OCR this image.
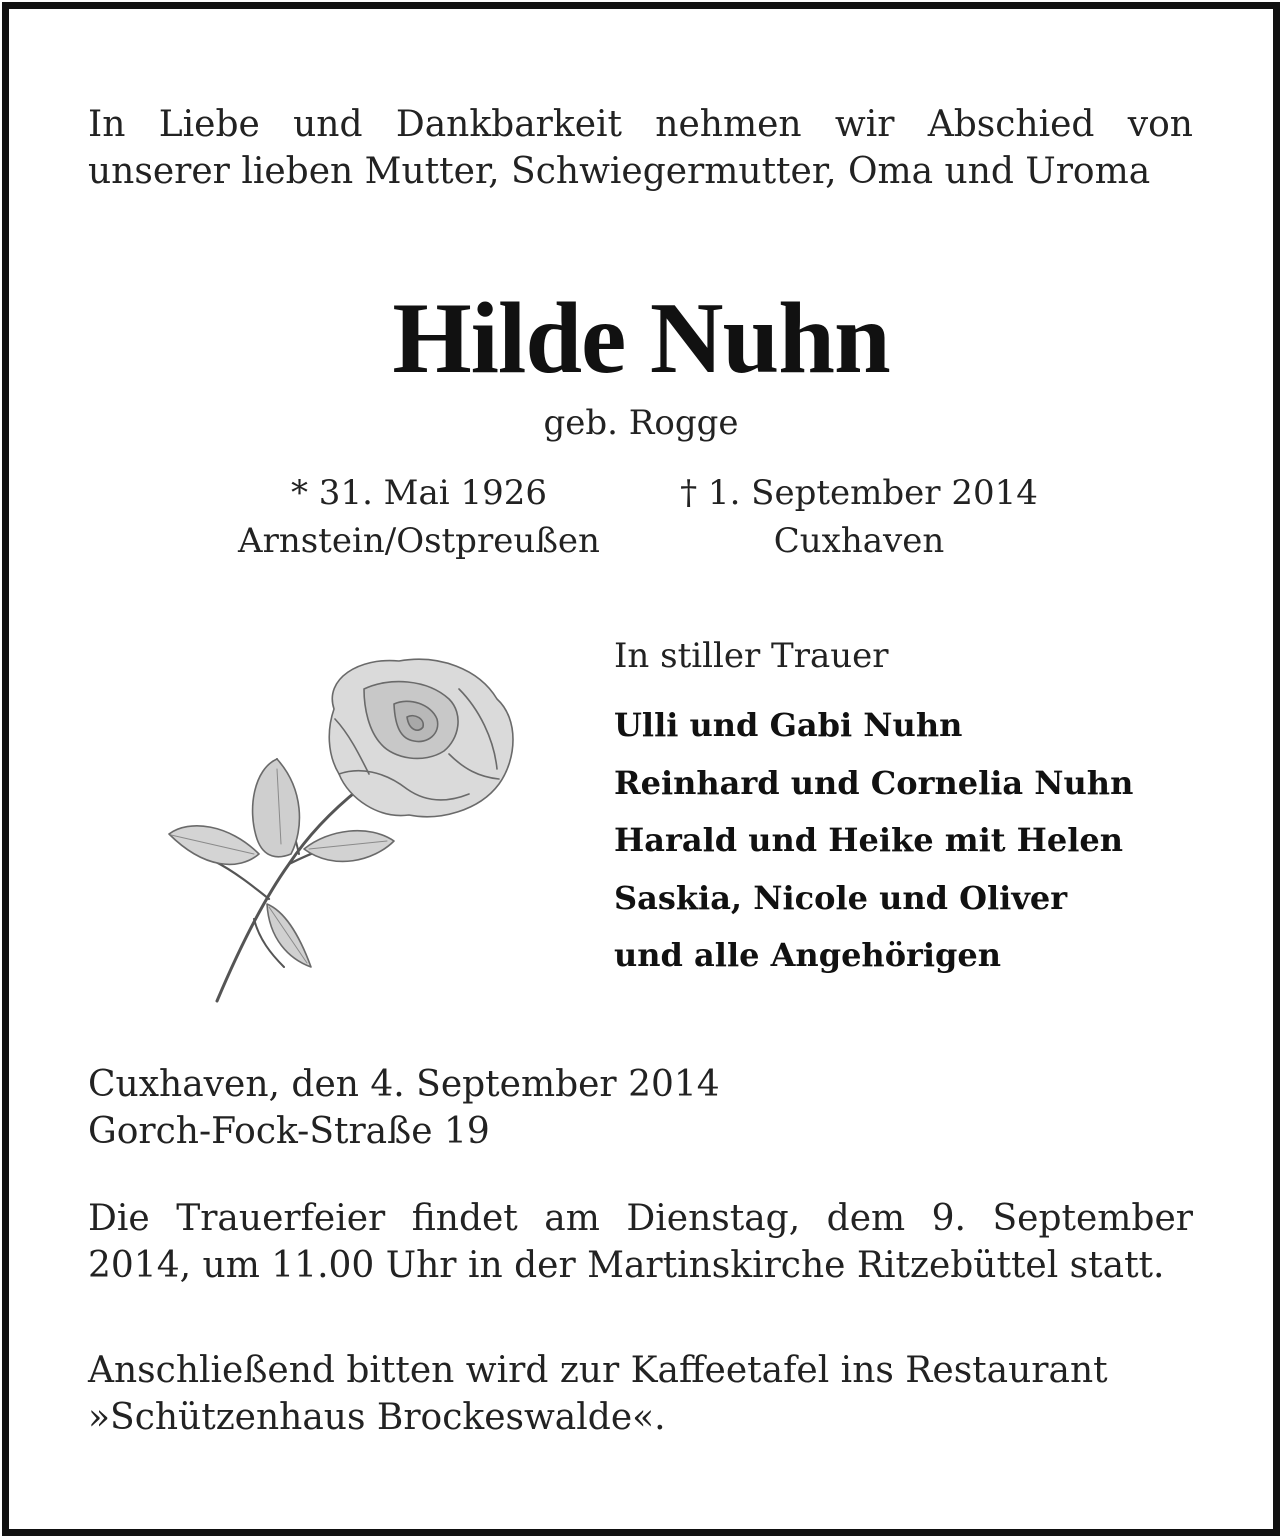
In Liebe und Dankbarkeit nehmen wir Abschied von unserer lieben Mutter, Schwiegermutter, Oma und Uroma
Hilde Nuhn
geb. Rogge
* 31. Mai 1926
Arnstein/Ostpreußen
† 1. September 2014
Cuxhaven
In stiller Trauer
Ulli und Gabi Nuhn
Reinhard und Cornelia Nuhn
Harald und Heike mit Helen
Saskia, Nicole und Oliver
und alle Angehörigen
Cuxhaven, den 4. September 2014
Gorch-Fock-Straße 19
Die Trauerfeier findet am Dienstag, dem 9. September 2014, um 11.00 Uhr in der Martinskirche Ritzebüttel statt.
Anschließend bitten wird zur Kaffeetafel ins Restaurant
»Schützenhaus Brockeswalde«.
